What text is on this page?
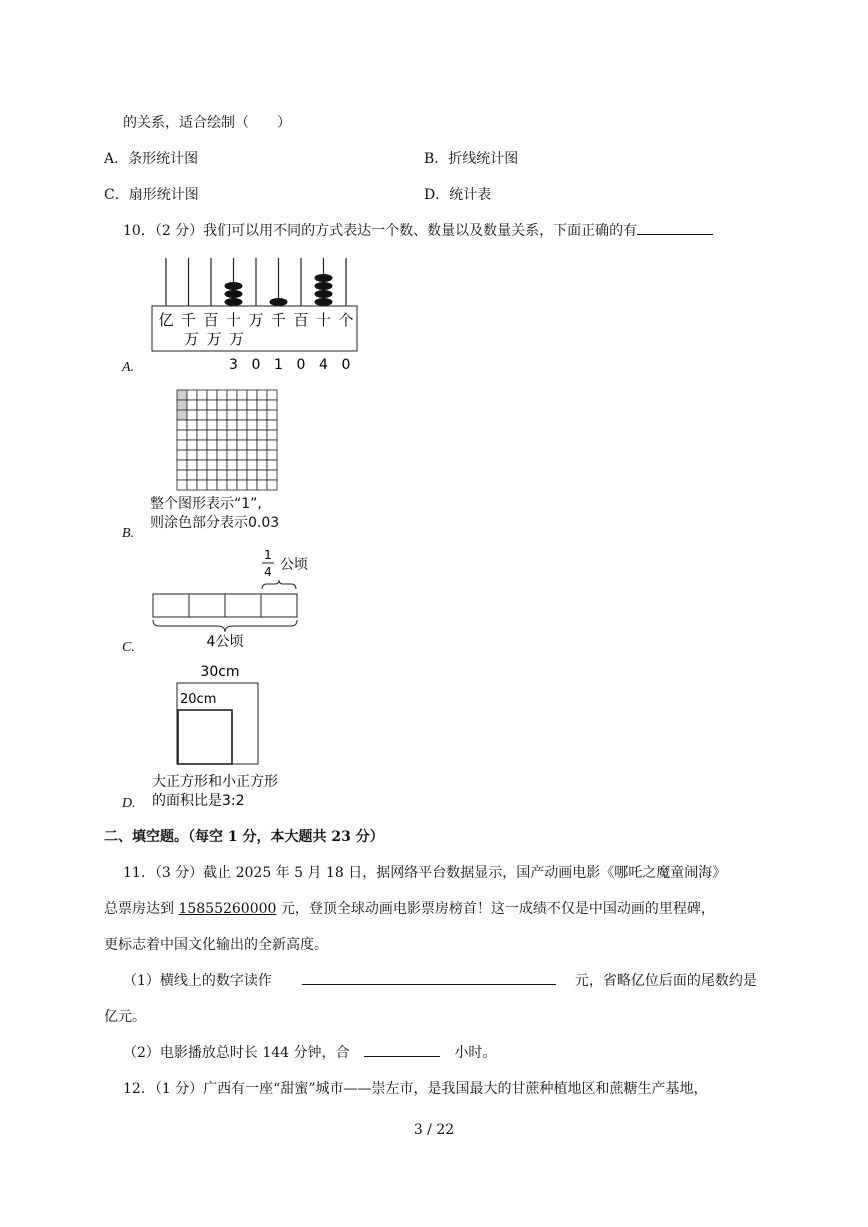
的关系，适合绘制（　　）
A．条形统计图	B．折线统计图
C．扇形统计图	D．统计表
10．（2 分）我们可以用不同的方式表达一个数、数量以及数量关系，下面正确的有
亿 千 百 十 万 千 百 十 个
万 万 万
3 0 1 0 4 0
A.
整个图形表示“1”,
则涂色部分表示0.03
B.
1
4 公顷
4公顷
C.
30cm
20cm
大正方形和小正方形
的面积比是3:2
D.
二、填空题。（每空 1 分，本大题共 23 分）
11．（3 分）截止 2025 年 5 月 18 日，据网络平台数据显示，国产动画电影《哪吒之魔童闹海》
总票房达到 15855260000 元，登顶全球动画电影票房榜首！这一成绩不仅是中国动画的里程碑，
更标志着中国文化输出的全新高度。
（1）横线上的数字读作	元，省略亿位后面的尾数约是
亿元。
（2）电影播放总时长 144 分钟，合	小时。
12．（1 分）广西有一座“甜蜜”城市——崇左市，是我国最大的甘蔗种植地区和蔗糖生产基地，
3 / 22
